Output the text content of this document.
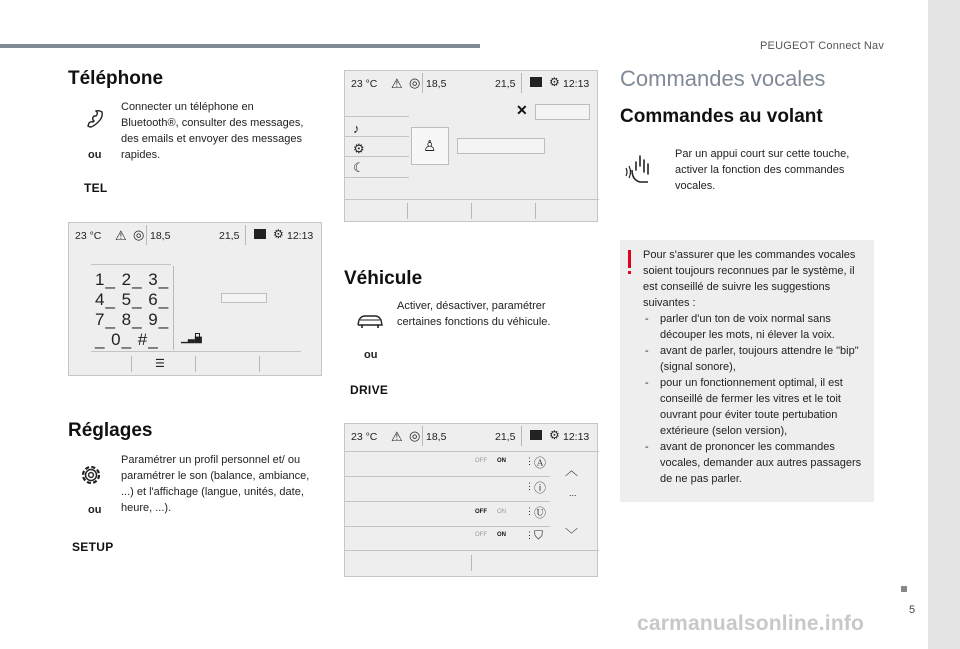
PEUGEOT Connect Nav
5
carmanualsonline.info
Téléphone
ou
Connecter un téléphone en Bluetooth®, consulter des messages, des emails et envoyer des messages rapides.
TEL
23 °C ⚠ ◎ 18,5	21,5	⚙ 12:13
1_ 2_ 3_
4_ 5_ 6_
7_ 8_ 9_
_ 0_ #_ ▁▃▅
☰
Réglages
ou
Paramétrer un profil personnel et/ ou paramétrer le son (balance, ambiance, ...) et l'affichage (langue, unités, date, heure, ...).
SETUP
23 °C ⚠ ◎ 18,5	21,5	⚙ 12:13
♪
⚙
☾
♙
✕
Véhicule
ou
Activer, désactiver, paramétrer certaines fonctions du véhicule.
DRIVE
23 °C ⚠ ◎ 18,5	21,5	⚙ 12:13
OFF ON ⋮ Ⓐ ︿
⋮ ⓘ	...
OFF ON ⋮ Ⓤ
OFF ON ⋮ ⛉ ﹀
Commandes vocales
Commandes au volant
Par un appui court sur cette touche, activer la fonction des commandes vocales.
Pour s'assurer que les commandes vocales soient toujours reconnues par le système, il est conseillé de suivre les suggestions suivantes :
- parler d'un ton de voix normal sans découper les mots, ni élever la voix.
- avant de parler, toujours attendre le "bip" (signal sonore),
- pour un fonctionnement optimal, il est conseillé de fermer les vitres et le toit ouvrant pour éviter toute pertubation extérieure (selon version),
- avant de prononcer les commandes vocales, demander aux autres passagers de ne pas parler.
